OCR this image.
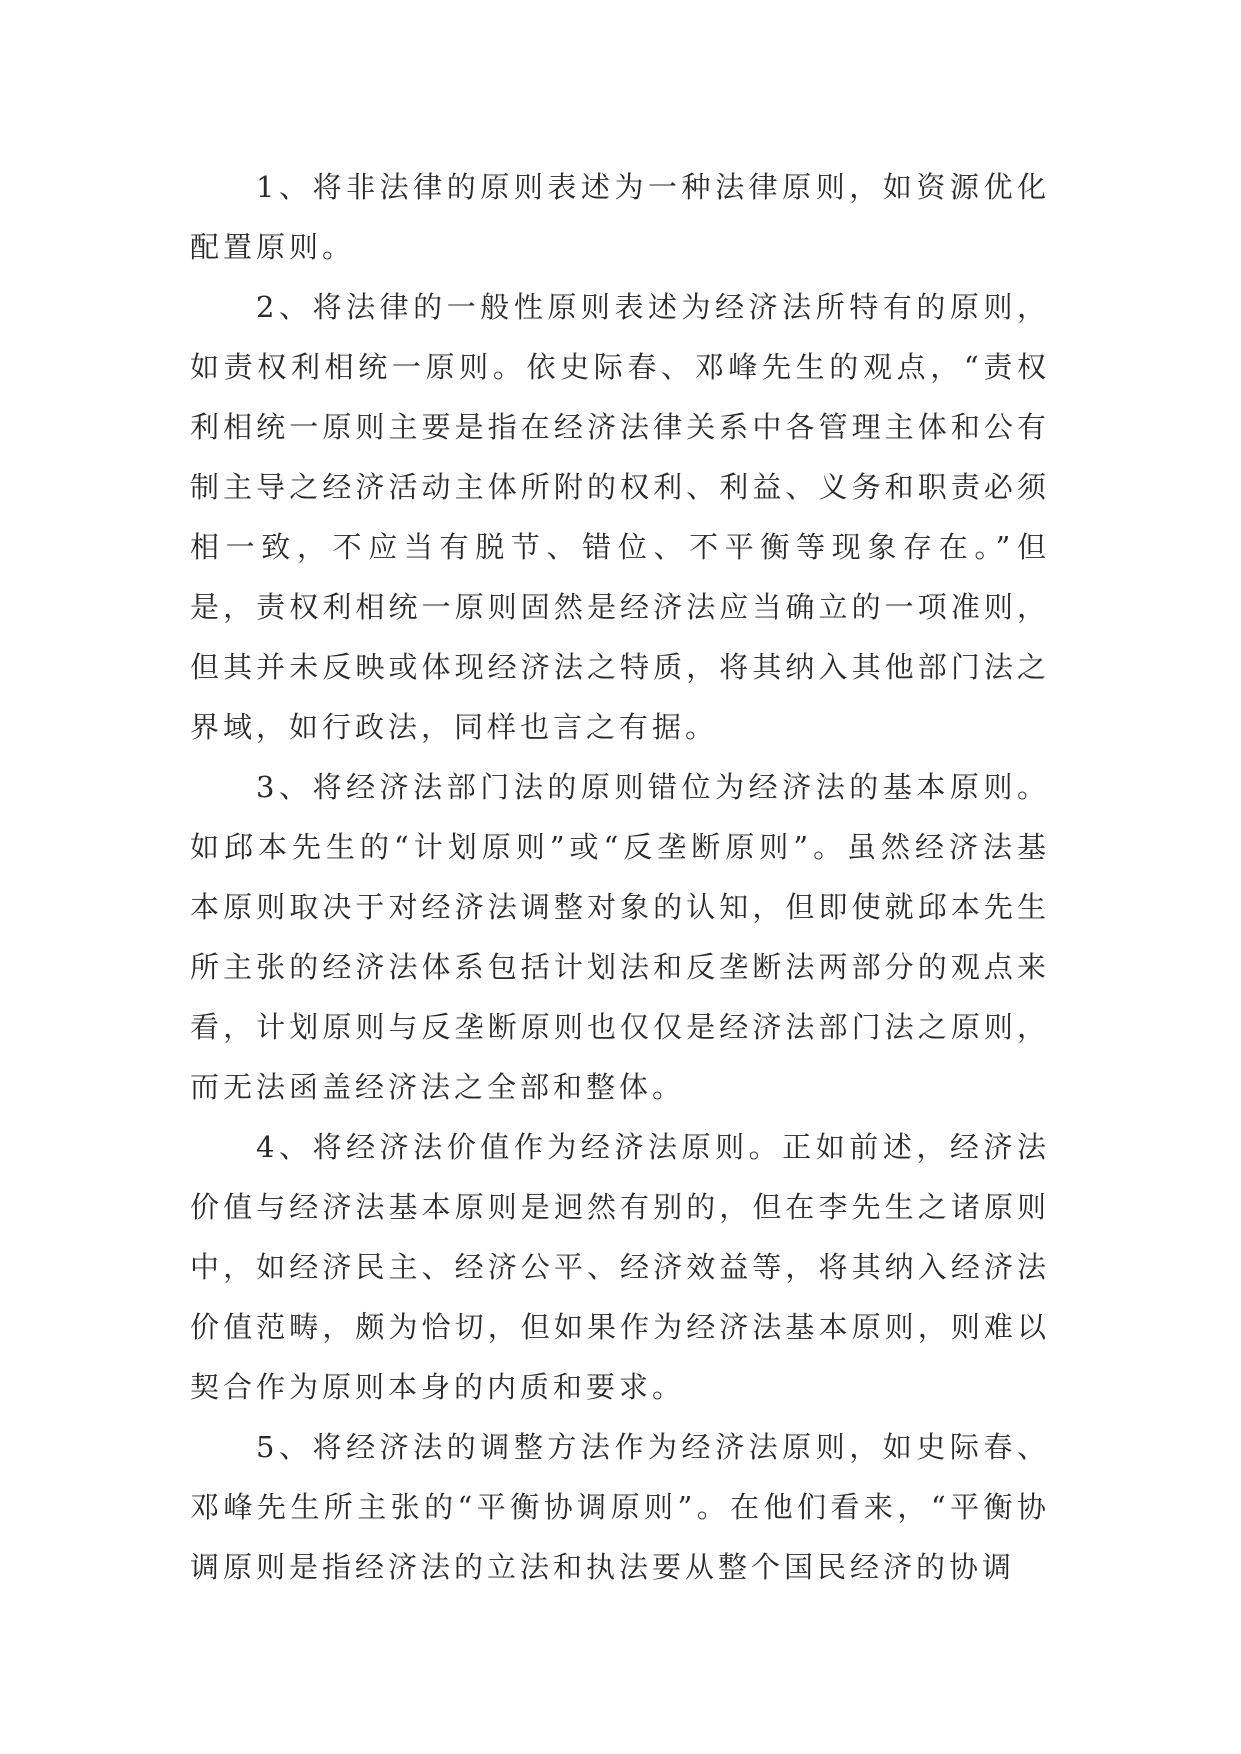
1、将非法律的原则表述为一种法律原则，如资源优化配置原则。

2、将法律的一般性原则表述为经济法所特有的原则，如责权利相统一原则。依史际春、邓峰先生的观点，“责权利相统一原则主要是指在经济法律关系中各管理主体和公有制主导之经济活动主体所附的权利、利益、义务和职责必须相一致，不应当有脱节、错位、不平衡等现象存在。”但是，责权利相统一原则固然是经济法应当确立的一项准则，但其并未反映或体现经济法之特质，将其纳入其他部门法之界域，如行政法，同样也言之有据。

3、将经济法部门法的原则错位为经济法的基本原则。如邱本先生的“计划原则”或“反垄断原则”。虽然经济法基本原则取决于对经济法调整对象的认知，但即使就邱本先生所主张的经济法体系包括计划法和反垄断法两部分的观点来看，计划原则与反垄断原则也仅仅是经济法部门法之原则，而无法函盖经济法之全部和整体。

4、将经济法价值作为经济法原则。正如前述，经济法价值与经济法基本原则是迥然有别的，但在李先生之诸原则中，如经济民主、经济公平、经济效益等，将其纳入经济法价值范畴，颇为恰切，但如果作为经济法基本原则，则难以契合作为原则本身的内质和要求。

5、将经济法的调整方法作为经济法原则，如史际春、邓峰先生所主张的“平衡协调原则”。在他们看来，“平衡协调原则是指经济法的立法和执法要从整个国民经济的协调
